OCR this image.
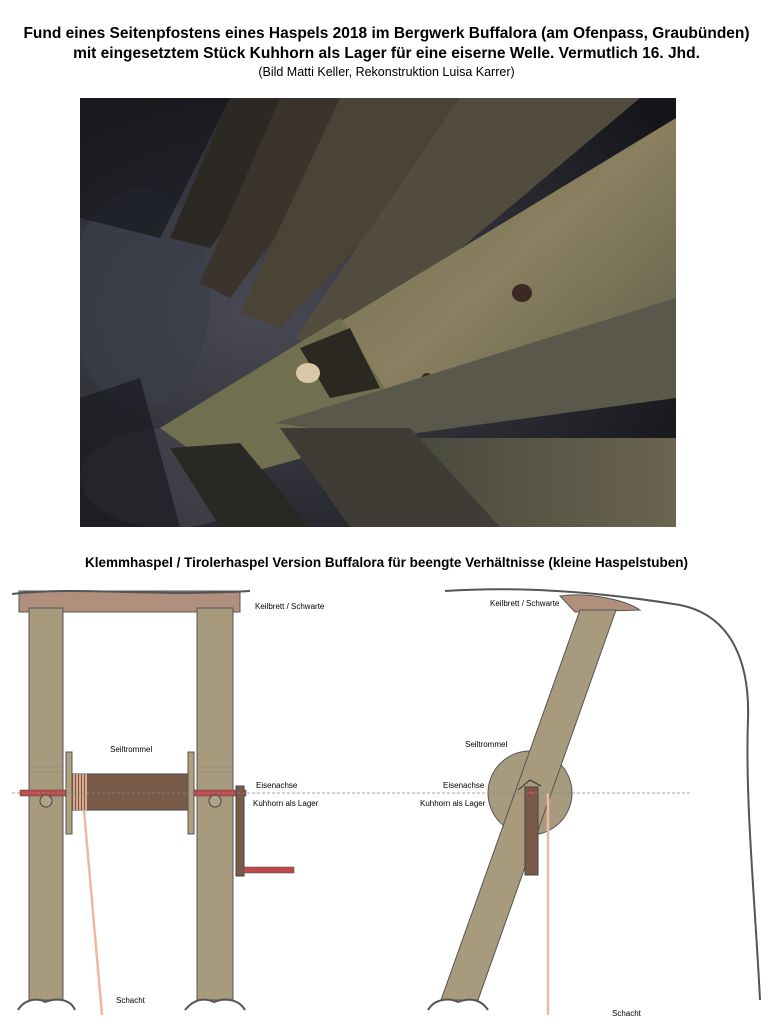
Fund eines Seitenpfostens eines Haspels 2018 im Bergwerk Buffalora (am Ofenpass, Graubünden)
mit eingesetztem Stück Kuhhorn als Lager für eine eiserne Welle. Vermutlich 16. Jhd.
(Bild Matti Keller, Rekonstruktion Luisa Karrer)
Klemmhaspel / Tirolerhaspel Version Buffalora für beengte Verhältnisse (kleine Haspelstuben)
Keilbrett / Schwarte
Seiltrommel
Eisenachse
Kuhhorn als Lager
Schacht
Keilbrett / Schwarte
Seiltrommel
Eisenachse
Kuhhorn als Lager
Schacht
